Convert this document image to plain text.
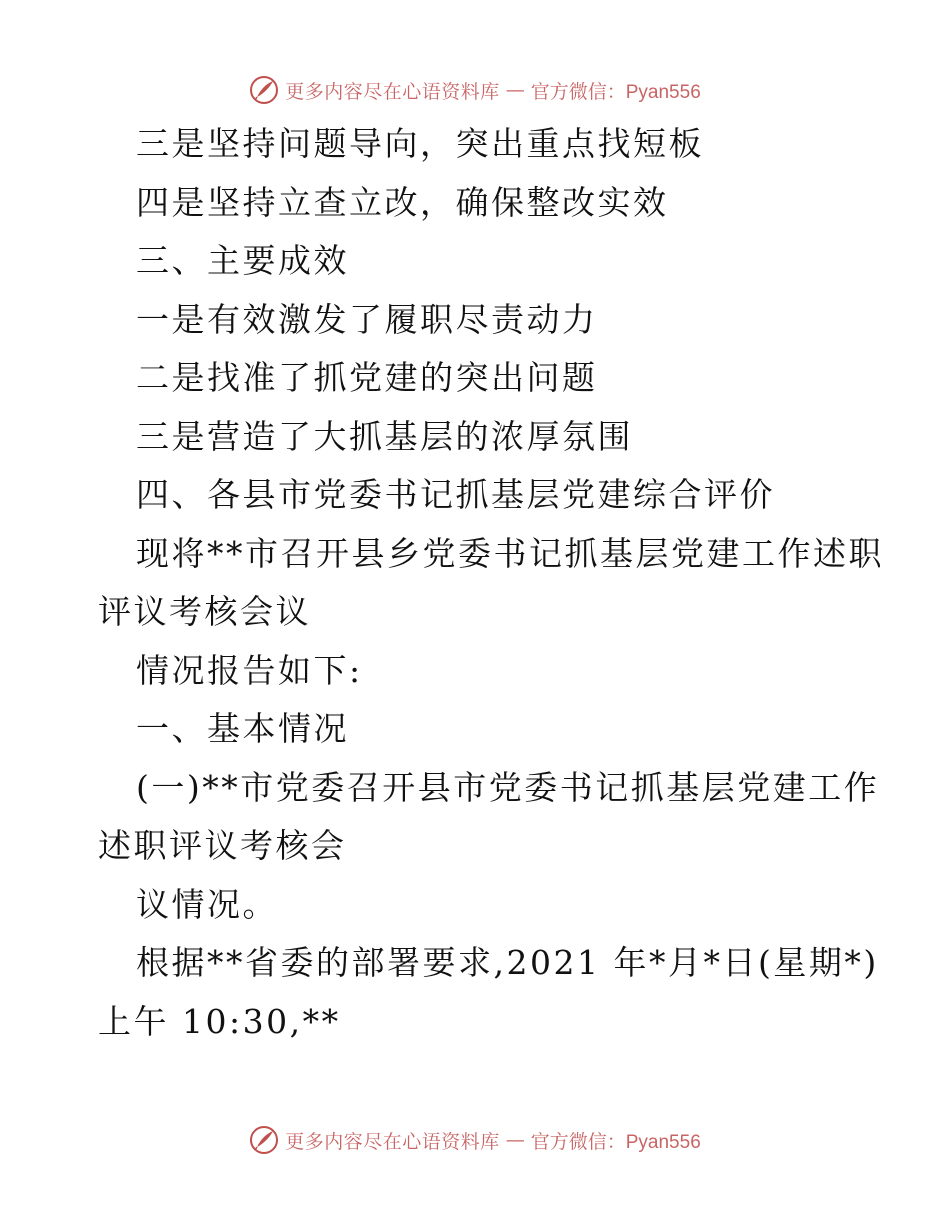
更多内容尽在心语资料库 — 官方微信：Pyan556
三是坚持问题导向，突出重点找短板
四是坚持立查立改，确保整改实效
三、主要成效
一是有效激发了履职尽责动力
二是找准了抓党建的突出问题
三是营造了大抓基层的浓厚氛围
四、各县市党委书记抓基层党建综合评价
现将**市召开县乡党委书记抓基层党建工作述职
评议考核会议
情况报告如下:
一、基本情况
(一)**市党委召开县市党委书记抓基层党建工作
述职评议考核会
议情况。
根据**省委的部署要求,2021 年*月*日(星期*)
上午 10:30,**
更多内容尽在心语资料库 — 官方微信：Pyan556
